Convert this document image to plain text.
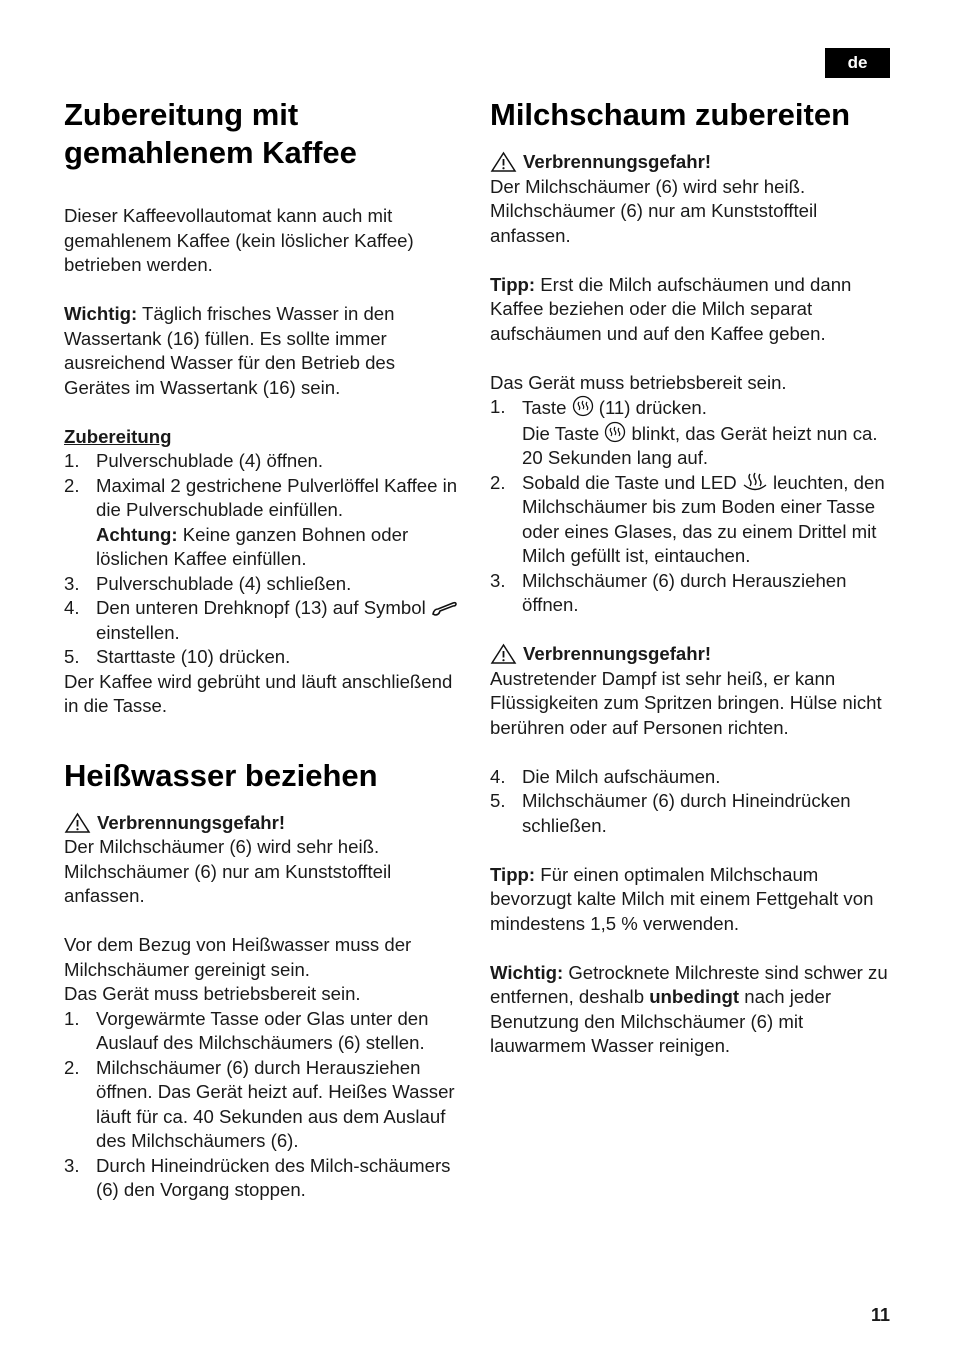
de
Zubereitung mit
gemahlenem Kaffee

Dieser Kaffeevollautomat kann auch mit gemahlenem Kaffee (kein löslicher Kaffee) betrieben werden.

Wichtig: Täglich frisches Wasser in den Wassertank (16) füllen. Es sollte immer ausreichend Wasser für den Betrieb des Gerätes im Wassertank (16) sein.

Zubereitung

1. Pulverschublade (4) öffnen.
2. Maximal 2 gestrichene Pulverlöffel Kaffee in die Pulverschublade einfüllen.
Achtung: Keine ganzen Bohnen oder löslichen Kaffee einfüllen.
3. Pulverschublade (4) schließen.
4. Den unteren Drehknopf (13) auf Symbol  einstellen.
5. Starttaste (10) drücken.

Der Kaffee wird gebrüht und läuft anschließend in die Tasse.

Heißwasser beziehen
Verbrennungsgefahr!

Der Milchschäumer (6) wird sehr heiß. Milchschäumer (6) nur am Kunststoffteil anfassen.

Vor dem Bezug von Heißwasser muss der Milchschäumer gereinigt sein.

Das Gerät muss betriebsbereit sein.

1. Vorgewärmte Tasse oder Glas unter den Auslauf des Milchschäumers (6) stellen.
2. Milchschäumer (6) durch Herausziehen öffnen. Das Gerät heizt auf. Heißes Wasser läuft für ca. 40 Sekunden aus dem Auslauf des Milchschäumers (6).
3. Durch Hineindrücken des Milch-schäumers (6) den Vorgang stoppen.
Milchschaum zubereiten
Verbrennungsgefahr!

Der Milchschäumer (6) wird sehr heiß. Milchschäumer (6) nur am Kunststoffteil anfassen.

Tipp: Erst die Milch aufschäumen und dann Kaffee beziehen oder die Milch separat aufschäumen und auf den Kaffee geben.

Das Gerät muss betriebsbereit sein.

1. Taste  (11) drücken.
Die Taste  blinkt, das Gerät heizt nun ca. 20 Sekunden lang auf.
2. Sobald die Taste und LED  leuchten, den Milchschäumer bis zum Boden einer Tasse oder eines Glases, das zu einem Drittel mit Milch gefüllt ist, eintauchen.
3. Milchschäumer (6) durch Herausziehen öffnen.
Verbrennungsgefahr!

Austretender Dampf ist sehr heiß, er kann Flüssigkeiten zum Spritzen bringen. Hülse nicht berühren oder auf Personen richten.

4. Die Milch aufschäumen.
5. Milchschäumer (6) durch Hineindrücken schließen.

Tipp: Für einen optimalen Milchschaum bevorzugt kalte Milch mit einem Fettgehalt von mindestens 1,5 % verwenden.

Wichtig: Getrocknete Milchreste sind schwer zu entfernen, deshalb unbedingt nach jeder Benutzung den Milchschäumer (6) mit lauwarmem Wasser reinigen.

11
